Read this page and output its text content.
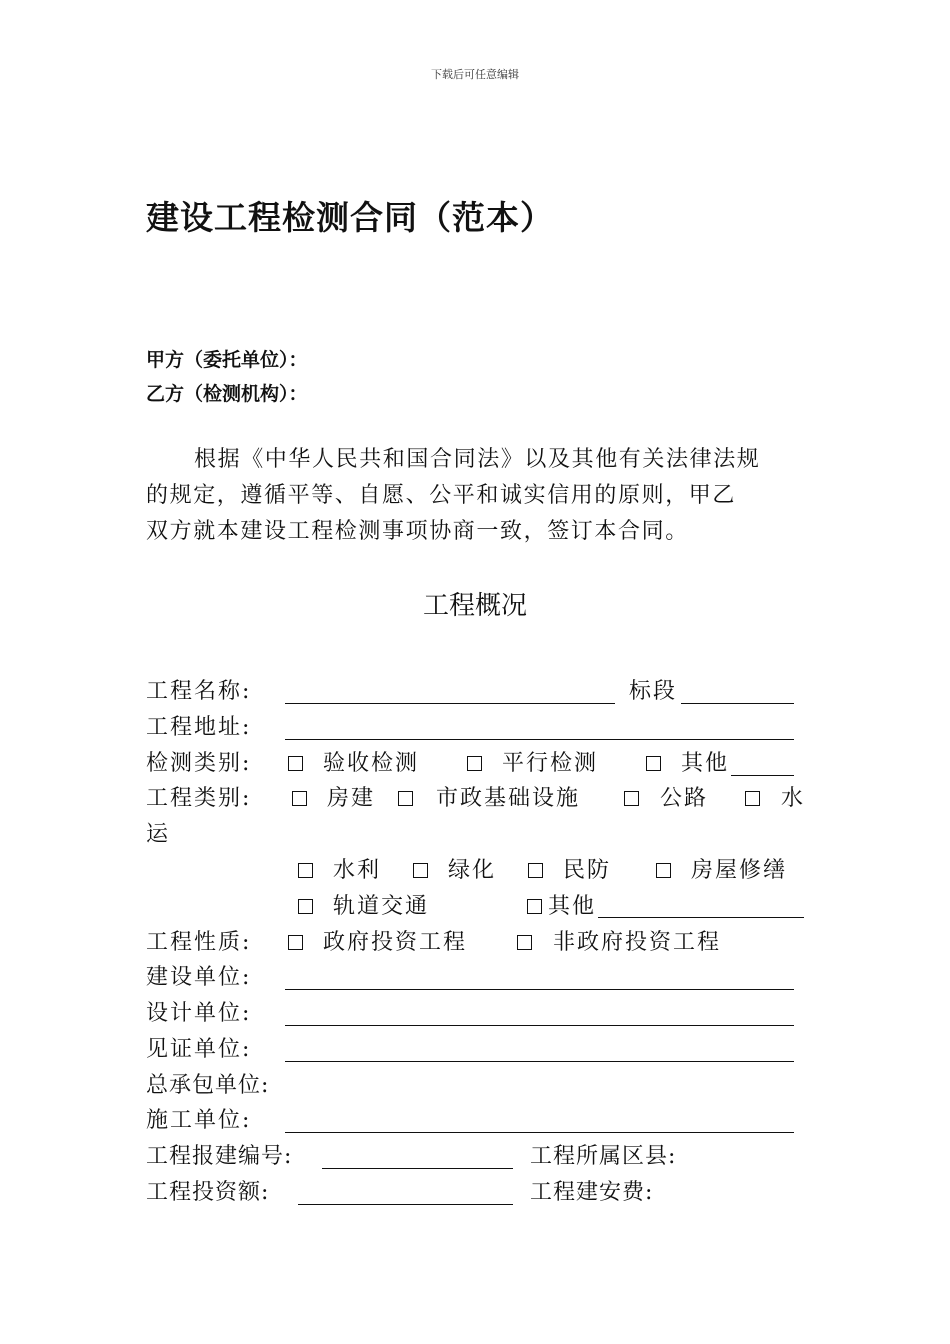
下载后可任意编辑
建设工程检测合同（范本）
甲方（委托单位）：
乙方（检测机构）：
根据《中华人民共和国合同法》以及其他有关法律法规
的规定，遵循平等、自愿、公平和诚实信用的原则，甲乙
双方就本建设工程检测事项协商一致，签订本合同。
工程概况
工程名称:	标段
工程地址:
检测类别:	验收检测	平行检测	其他
工程类别:	房建	市政基础设施	公路	水
运
水利	绿化	民防	房屋修缮
轨道交通	其他
工程性质:	政府投资工程	非政府投资工程
建设单位:
设计单位:
见证单位:
总承包单位:
施工单位:
工程报建编号:	工程所属区县:
工程投资额:	工程建安费:
